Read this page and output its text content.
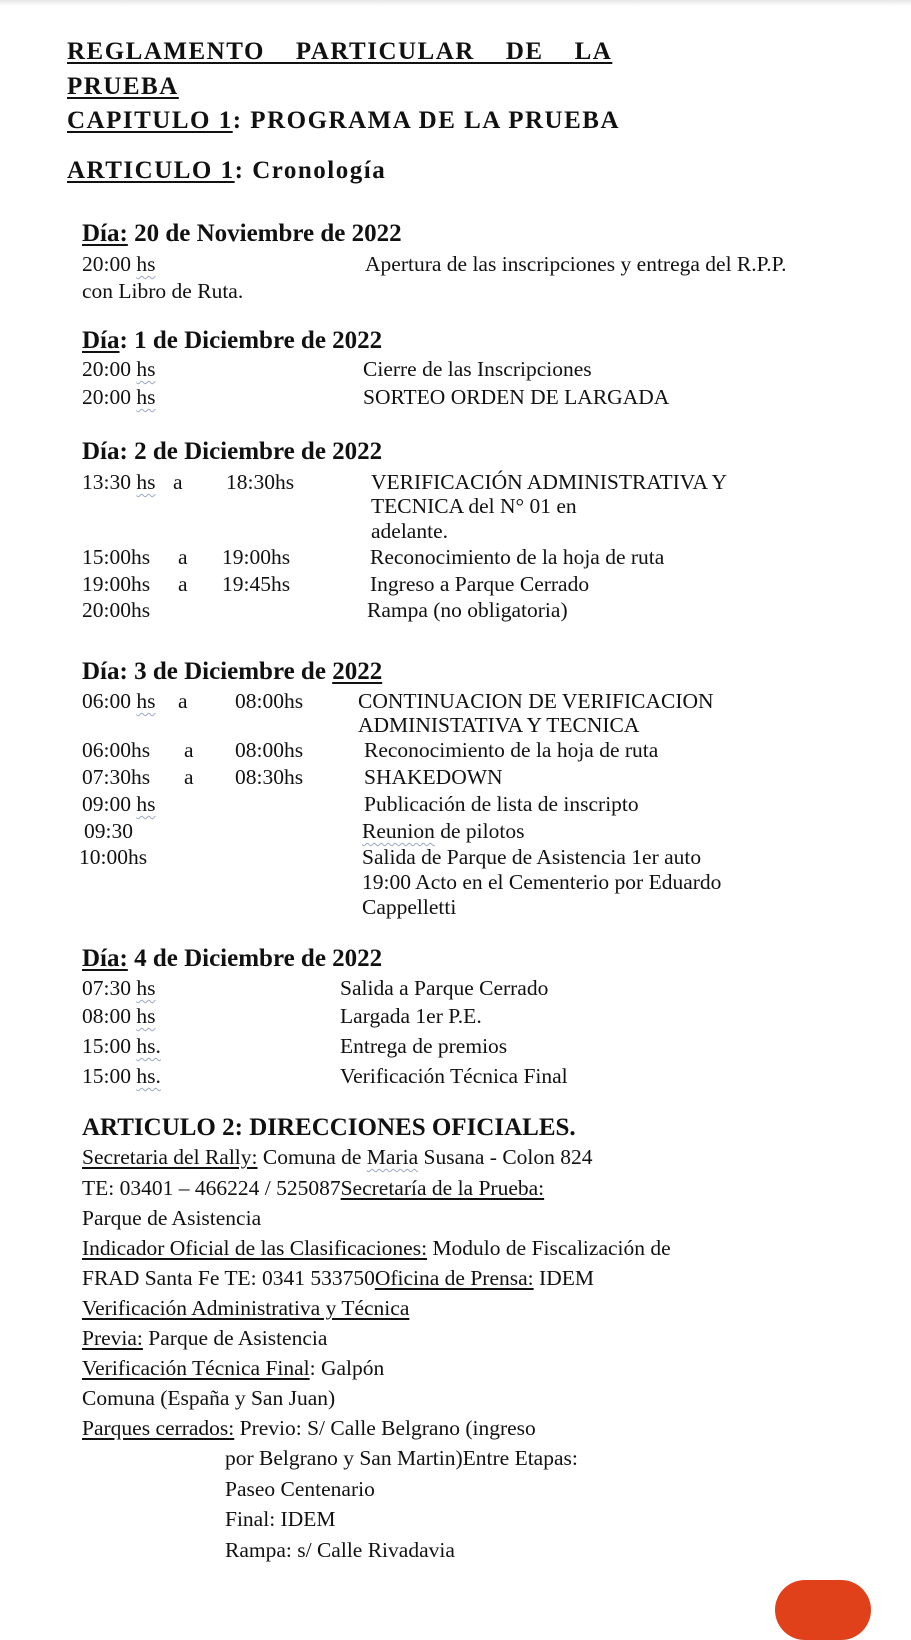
REGLAMENTO    PARTICULAR    DE    LA
PRUEBA
CAPITULO 1: PROGRAMA DE LA PRUEBA
ARTICULO 1: Cronología
Día: 20 de Noviembre de 2022
20:00 hs	Apertura de las inscripciones y entrega del R.P.P.
con Libro de Ruta.
Día: 1 de Diciembre de 2022
20:00 hs	Cierre de las Inscripciones
20:00 hs	SORTEO ORDEN DE LARGADA
Día: 2 de Diciembre de 2022
13:30 hs a 18:30hs	VERIFICACIÓN ADMINISTRATIVA Y
TECNICA del N° 01 en
adelante.
15:00hs a 19:00hs	Reconocimiento de la hoja de ruta
19:00hs a 19:45hs	Ingreso a Parque Cerrado
20:00hs	Rampa (no obligatoria)
Día: 3 de Diciembre de 2022
06:00 hs a 08:00hs	CONTINUACION DE VERIFICACION
ADMINISTATIVA Y TECNICA
06:00hs a 08:00hs	Reconocimiento de la hoja de ruta
07:30hs a 08:30hs	SHAKEDOWN
09:00 hs	Publicación de lista de inscripto
09:30	Reunion de pilotos
10:00hs	Salida de Parque de Asistencia 1er auto
19:00 Acto en el Cementerio por Eduardo
Cappelletti
Día: 4 de Diciembre de 2022
07:30 hs	Salida a Parque Cerrado
08:00 hs	Largada 1er P.E.
15:00 hs.	Entrega de premios
15:00 hs.	Verificación Técnica Final
ARTICULO 2: DIRECCIONES OFICIALES.
Secretaria del Rally: Comuna de Maria Susana - Colon 824
TE: 03401 – 466224 / 525087Secretaría de la Prueba:
Parque de Asistencia
Indicador Oficial de las Clasificaciones: Modulo de Fiscalización de
FRAD Santa Fe TE: 0341 533750Oficina de Prensa: IDEM
Verificación Administrativa y Técnica
Previa: Parque de Asistencia
Verificación Técnica Final: Galpón
Comuna (España y San Juan)
Parques cerrados: Previo: S/ Calle Belgrano (ingreso
por Belgrano y San Martin)Entre Etapas:
Paseo Centenario
Final: IDEM
Rampa: s/ Calle Rivadavia
